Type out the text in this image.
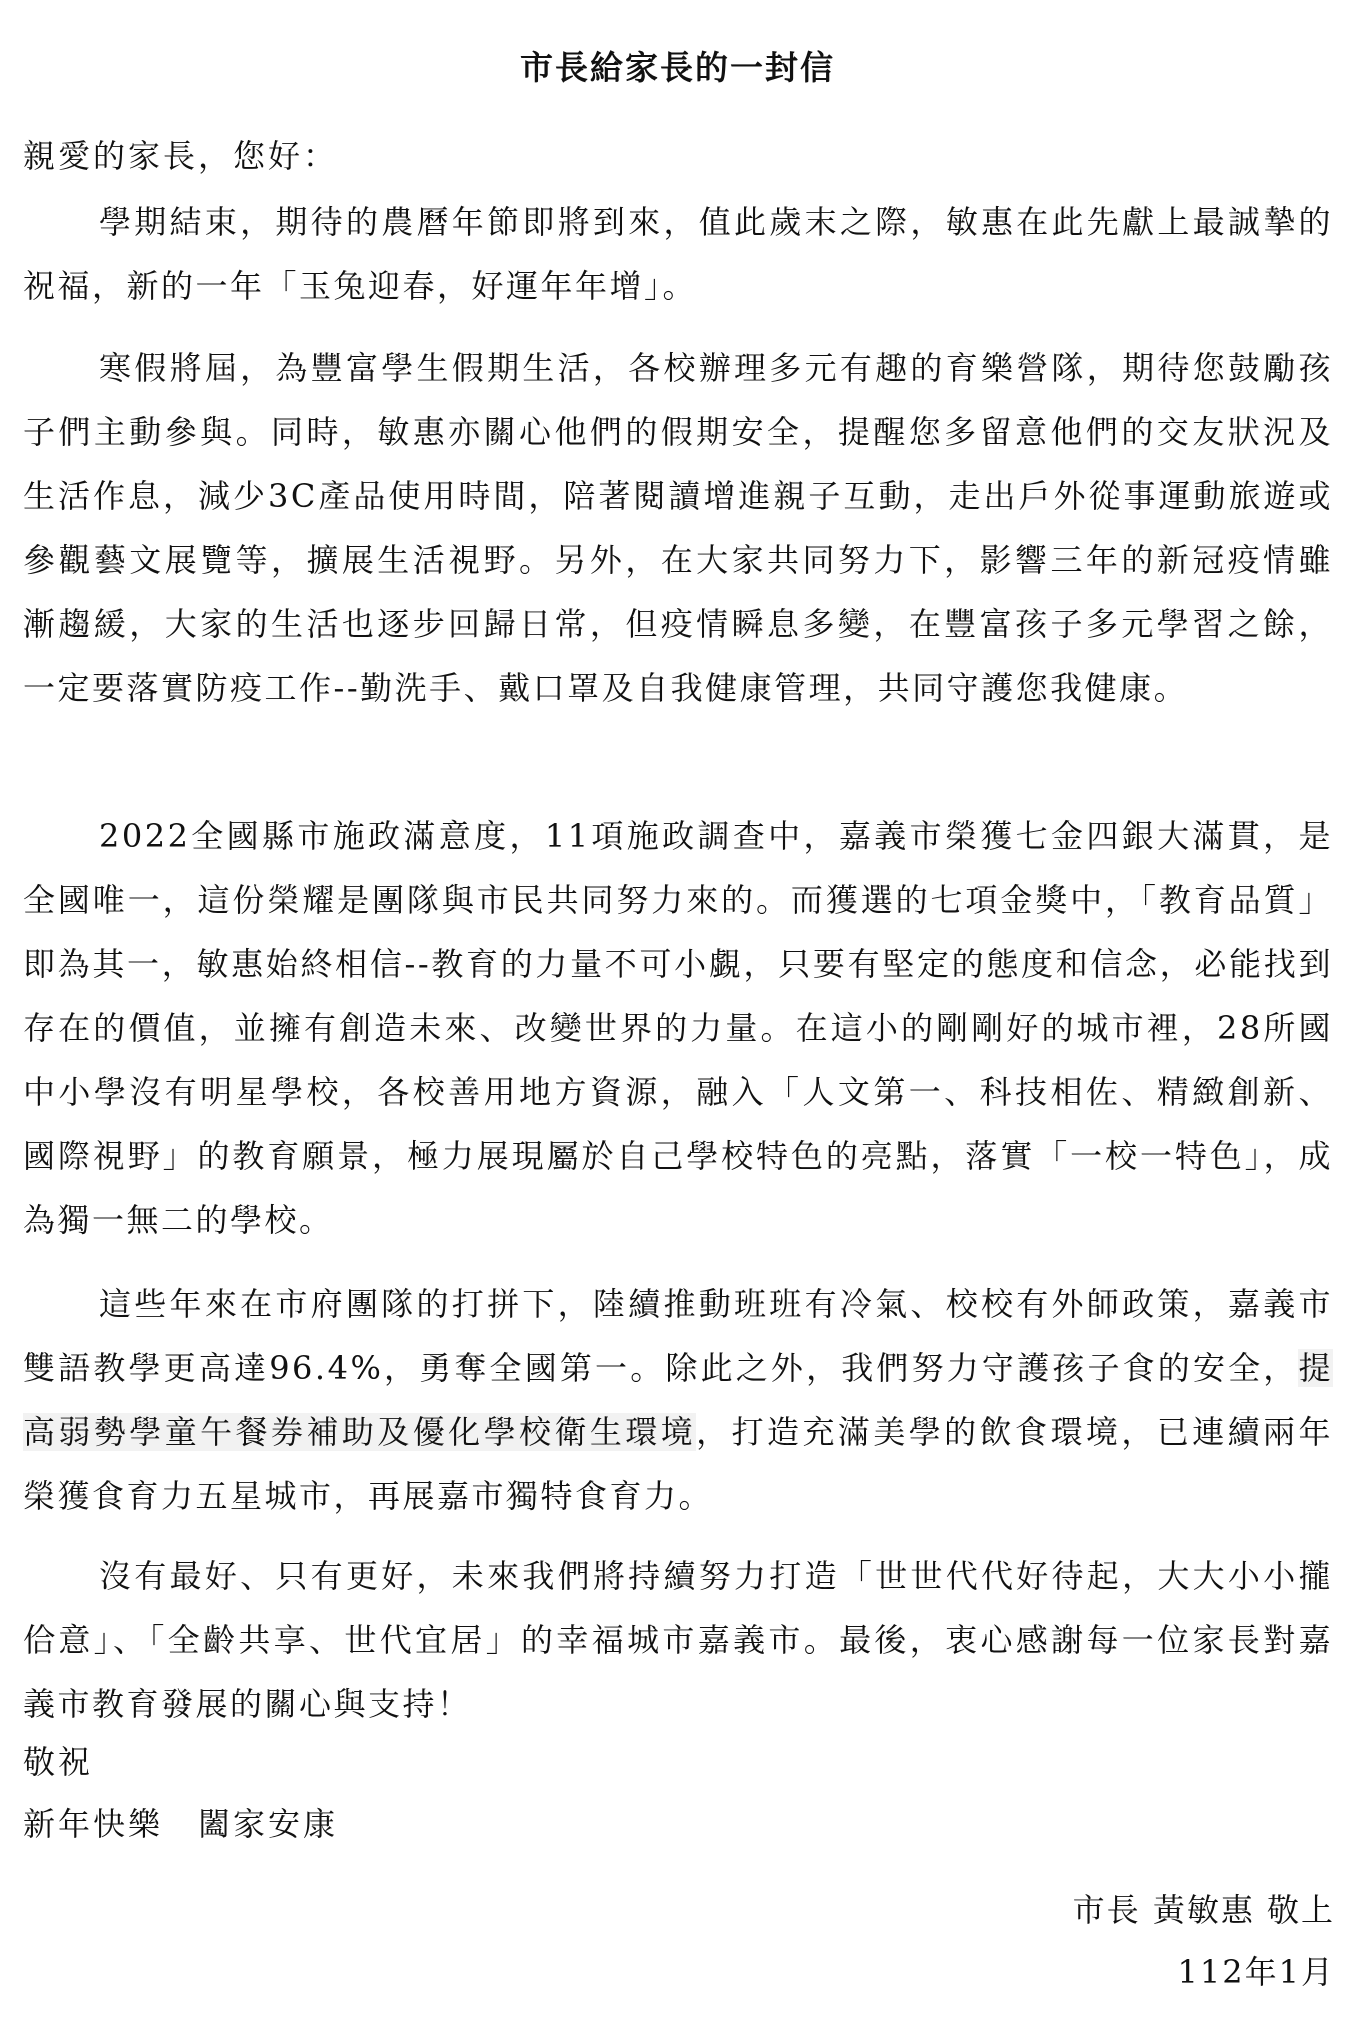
市長給家長的一封信
親愛的家長，您好：

學期結束，期待的農曆年節即將到來，值此歲末之際，敏惠在此先獻上最誠摯的祝福，新的一年「玉兔迎春，好運年年增」。

寒假將屆，為豐富學生假期生活，各校辦理多元有趣的育樂營隊，期待您鼓勵孩子們主動參與。同時，敏惠亦關心他們的假期安全，提醒您多留意他們的交友狀況及生活作息，減少3C產品使用時間，陪著閱讀增進親子互動，走出戶外從事運動旅遊或參觀藝文展覽等，擴展生活視野。另外，在大家共同努力下，影響三年的新冠疫情雖漸趨緩，大家的生活也逐步回歸日常，但疫情瞬息多變，在豐富孩子多元學習之餘，一定要落實防疫工作--勤洗手、戴口罩及自我健康管理，共同守護您我健康。

2022全國縣市施政滿意度，11項施政調查中，嘉義市榮獲七金四銀大滿貫，是全國唯一，這份榮耀是團隊與市民共同努力來的。而獲選的七項金獎中，「教育品質」即為其一，敏惠始終相信--教育的力量不可小覷，只要有堅定的態度和信念，必能找到存在的價值，並擁有創造未來、改變世界的力量。在這小的剛剛好的城市裡，28所國中小學沒有明星學校，各校善用地方資源，融入「人文第一、科技相佐、精緻創新、國際視野」的教育願景，極力展現屬於自己學校特色的亮點，落實「一校一特色」，成為獨一無二的學校。

這些年來在市府團隊的打拼下，陸續推動班班有冷氣、校校有外師政策，嘉義市雙語教學更高達96.4%，勇奪全國第一。除此之外，我們努力守護孩子食的安全，提高弱勢學童午餐券補助及優化學校衛生環境，打造充滿美學的飲食環境，已連續兩年榮獲食育力五星城市，再展嘉市獨特食育力。

沒有最好、只有更好，未來我們將持續努力打造「世世代代好待起，大大小小攏佮意」、「全齡共享、世代宜居」的幸福城市嘉義市。最後，衷心感謝每一位家長對嘉義市教育發展的關心與支持！

敬祝
新年快樂　闔家安康
市長 黃敏惠 敬上
112年1月
